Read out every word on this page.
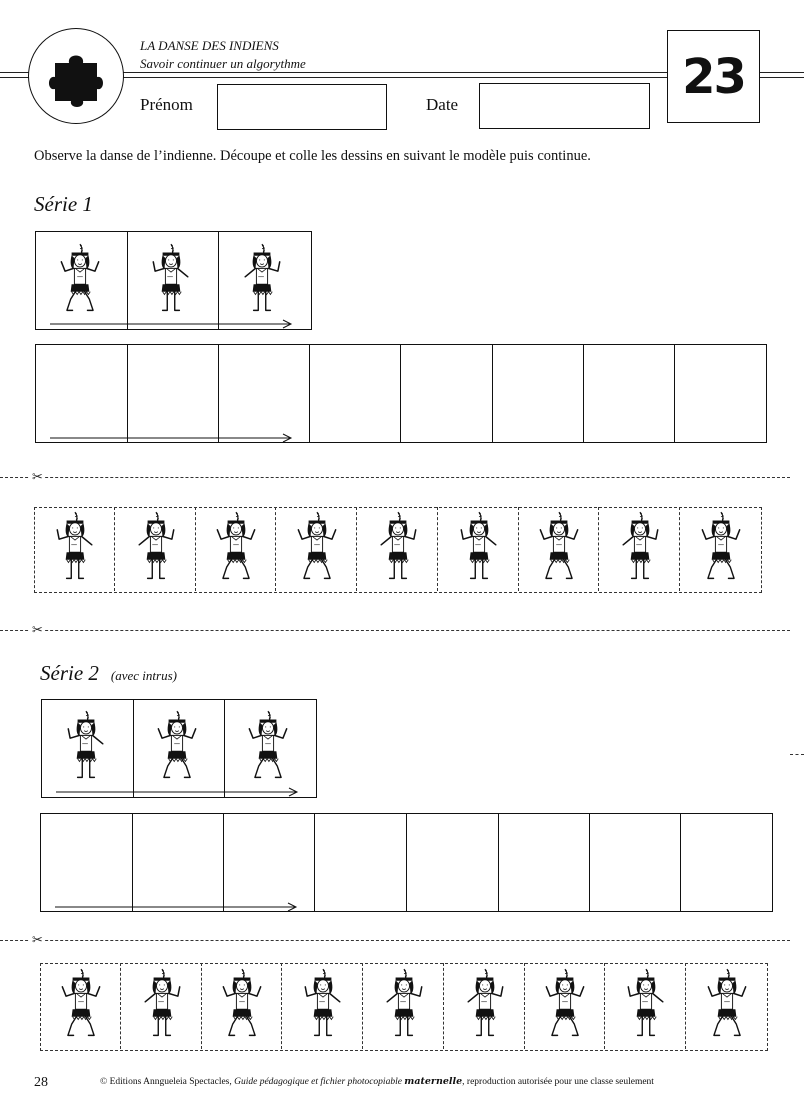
LA DANSE DES INDIENS
Savoir continuer un algorythme	23
Prénom	Date
Observe la danse de l’indienne. Découpe et colle les dessins en suivant le modèle puis continue.
Série 1
✂
✂
Série 2 (avec intrus)
✂
28	© Editions Anngueleia Spectacles, Guide pédagogique et fichier photocopiable maternelle, reproduction autorisée pour une classe seulement
